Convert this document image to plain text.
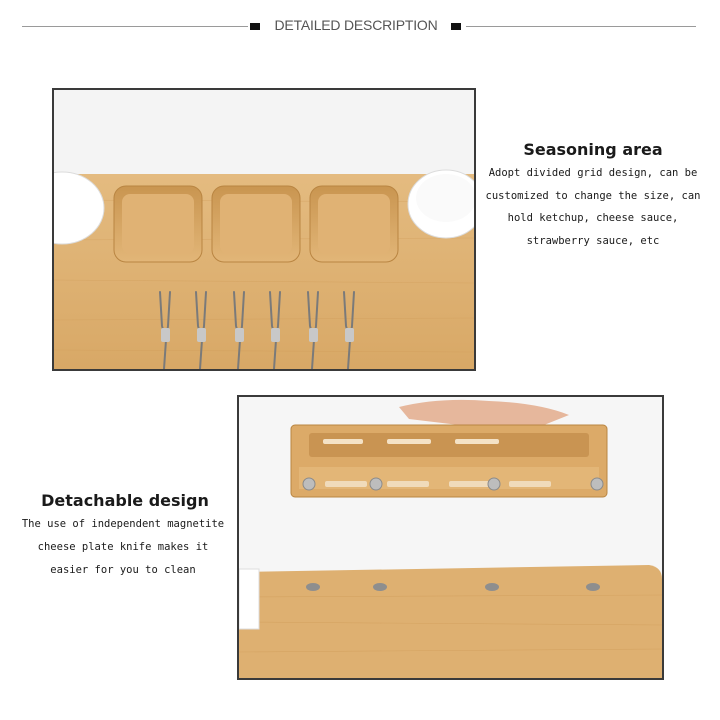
DETAILED DESCRIPTION
Seasoning area
Adopt divided grid design, can be
customized to change the size, can
hold ketchup, cheese sauce,
strawberry sauce, etc
Detachable design
The use of independent magnetite
cheese plate knife makes it
easier for you to clean
